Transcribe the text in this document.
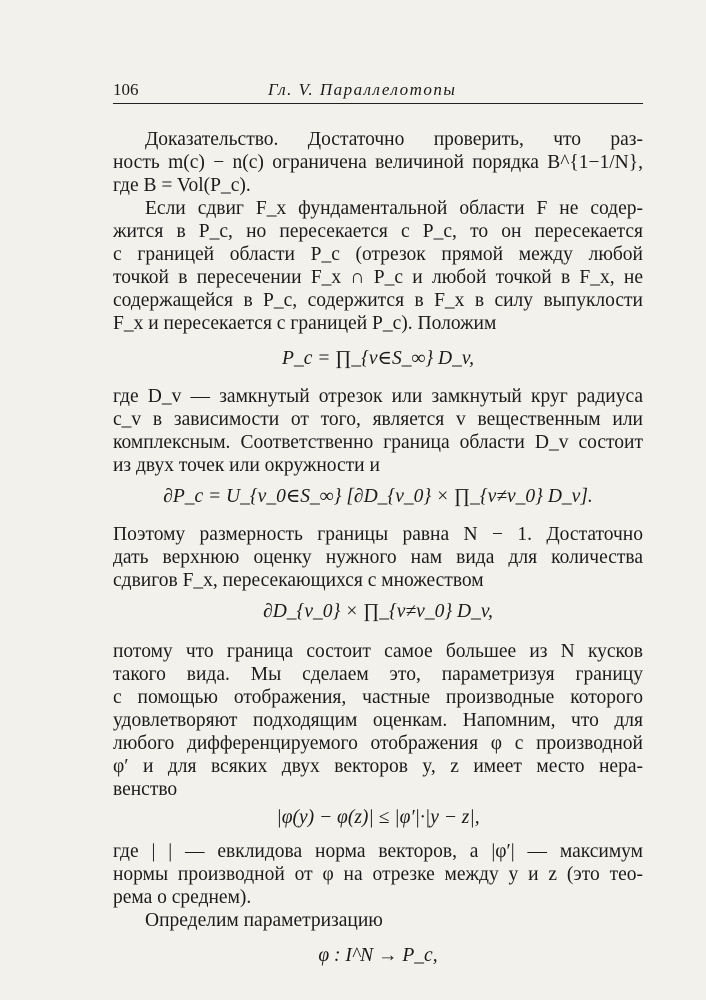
106	Гл. V. Параллелотопы
Доказательство. Достаточно проверить, что раз-
ность m(c) − n(c) ограничена величиной порядка B^{1−1/N},
где B = Vol(P_c).
Если сдвиг F_x фундаментальной области F не содер-
жится в P_c, но пересекается с P_c, то он пересекается
с границей области P_c (отрезок прямой между любой
точкой в пересечении F_x ∩ P_c и любой точкой в F_x, не
содержащейся в P_c, содержится в F_x в силу выпуклости
F_x и пересекается с границей P_c). Положим
P_c = ∏_{v∈S_∞} D_v,
где D_v — замкнутый отрезок или замкнутый круг радиуса
c_v в зависимости от того, является v вещественным или
комплексным. Соответственно граница области D_v состоит
из двух точек или окружности и
∂P_c = U_{v_0∈S_∞} [∂D_{v_0} × ∏_{v≠v_0} D_v].
Поэтому размерность границы равна N − 1. Достаточно
дать верхнюю оценку нужного нам вида для количества
сдвигов F_x, пересекающихся с множеством
∂D_{v_0} × ∏_{v≠v_0} D_v,
потому что граница состоит самое большее из N кусков
такого вида. Мы сделаем это, параметризуя границу
с помощью отображения, частные производные которого
удовлетворяют подходящим оценкам. Напомним, что для
любого дифференцируемого отображения φ с производной
φ′ и для всяких двух векторов y, z имеет место нера-
венство
|φ(y) − φ(z)| ≤ |φ′|·|y − z|,
где | | — евклидова норма векторов, а |φ′| — максимум
нормы производной от φ на отрезке между y и z (это тео-
рема о среднем).
Определим параметризацию
φ : I^N → P_c,
